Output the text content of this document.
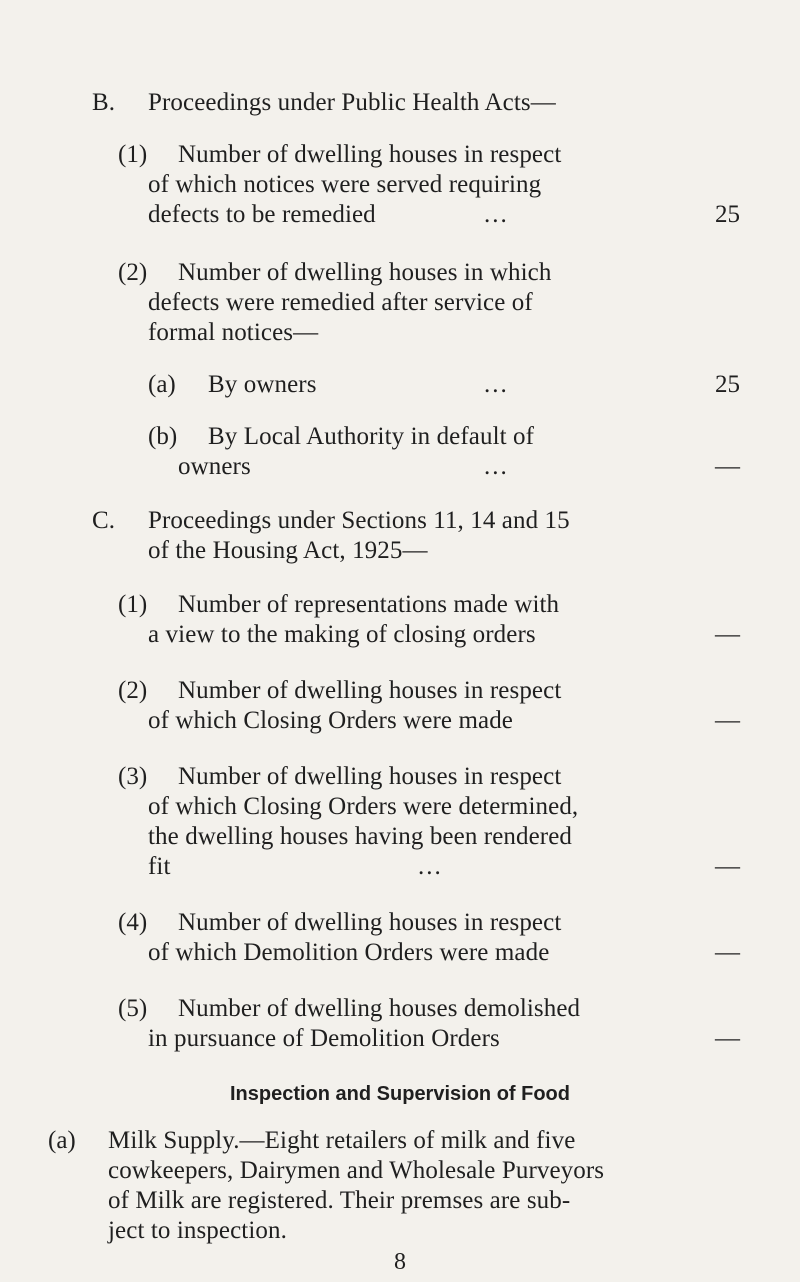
B. Proceedings under Public Health Acts—
(1) Number of dwelling houses in respect
of which notices were served requiring
defects to be remedied	...	25
(2) Number of dwelling houses in which
defects were remedied after service of
formal notices—
(a) By owners	...	25
(b) By Local Authority in default of
owners	...	—
C. Proceedings under Sections 11, 14 and 15
of the Housing Act, 1925—
(1) Number of representations made with
a view to the making of closing orders	—
(2) Number of dwelling houses in respect
of which Closing Orders were made	—
(3) Number of dwelling houses in respect
of which Closing Orders were determined,
the dwelling houses having been rendered
fit	...	—
(4) Number of dwelling houses in respect
of which Demolition Orders were made	—
(5) Number of dwelling houses demolished
in pursuance of Demolition Orders	—
Inspection and Supervision of Food
(a) Milk Supply.—Eight retailers of milk and five
cowkeepers, Dairymen and Wholesale Purveyors
of Milk are registered. Their premses are sub-
ject to inspection.
8
